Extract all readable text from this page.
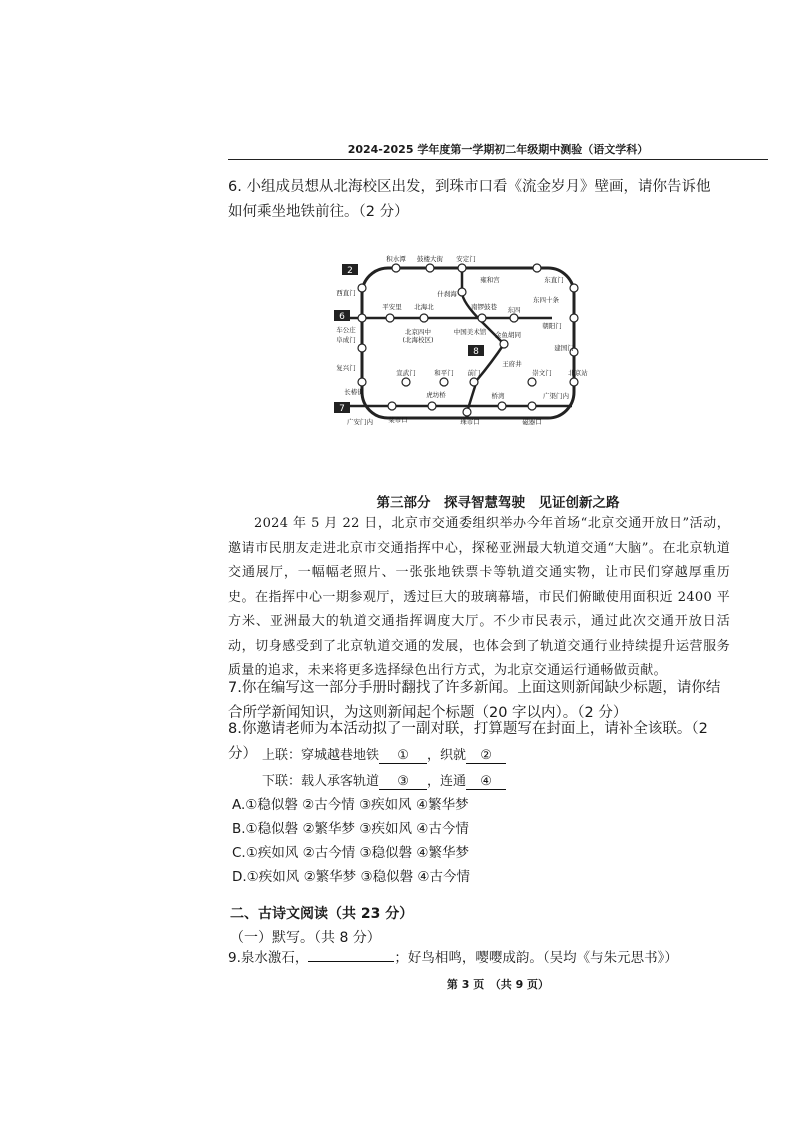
2024-2025 学年度第一学期初二年级期中测验（语文学科）
6. 小组成员想从北海校区出发，到珠市口看《流金岁月》壁画，请你告诉他如何乘坐地铁前往。（2 分）
2
6
8
7
积水潭 鼓楼大街 安定门
雍和宫
东四十条
东直门
西直门
平安里 北海北
什刹海
南锣鼓巷 东四
朝阳门
车公庄
阜成门
北京四中
(北海校区)
中国美术馆 金鱼胡同
建国门
复兴门
长椿街
宣武门	和平门 前门
王府井
崇文门	北京站
菜市口
虎坊桥
珠市口
桥湾
磁器口
广渠门内
广安门内
第三部分　探寻智慧驾驶　见证创新之路
2024 年 5 月 22 日，北京市交通委组织举办今年首场“北京交通开放日”活动，邀请市民朋友走进北京市交通指挥中心，探秘亚洲最大轨道交通“大脑”。在北京轨道交通展厅，一幅幅老照片、一张张地铁票卡等轨道交通实物，让市民们穿越厚重历史。在指挥中心一期参观厅，透过巨大的玻璃幕墙，市民们俯瞰使用面积近 2400 平方米、亚洲最大的轨道交通指挥调度大厅。不少市民表示，通过此次交通开放日活动，切身感受到了北京轨道交通的发展，也体会到了轨道交通行业持续提升运营服务质量的追求，未来将更多选择绿色出行方式，为北京交通运行通畅做贡献。
7.你在编写这一部分手册时翻找了许多新闻。上面这则新闻缺少标题，请你结合所学新闻知识，为这则新闻起个标题（20 字以内）。（2 分）
8.你邀请老师为本活动拟了一副对联，打算题写在封面上，请补全该联。（2 分） 上联：穿城越巷地铁 ① ，织就 ②
下联：载人承客轨道 ③ ，连通 ④
A.①稳似磐 ②古今情 ③疾如风 ④繁华梦
B.①稳似磐 ②繁华梦 ③疾如风 ④古今情
C.①疾如风 ②古今情 ③稳似磐 ④繁华梦
D.①疾如风 ②繁华梦 ③稳似磐 ④古今情
二、古诗文阅读（共 23 分）
（一）默写。（共 8 分）
9.泉水激石，	；好鸟相鸣，嘤嘤成韵。（吴均《与朱元思书》）
第 3 页　（共 9 页）
